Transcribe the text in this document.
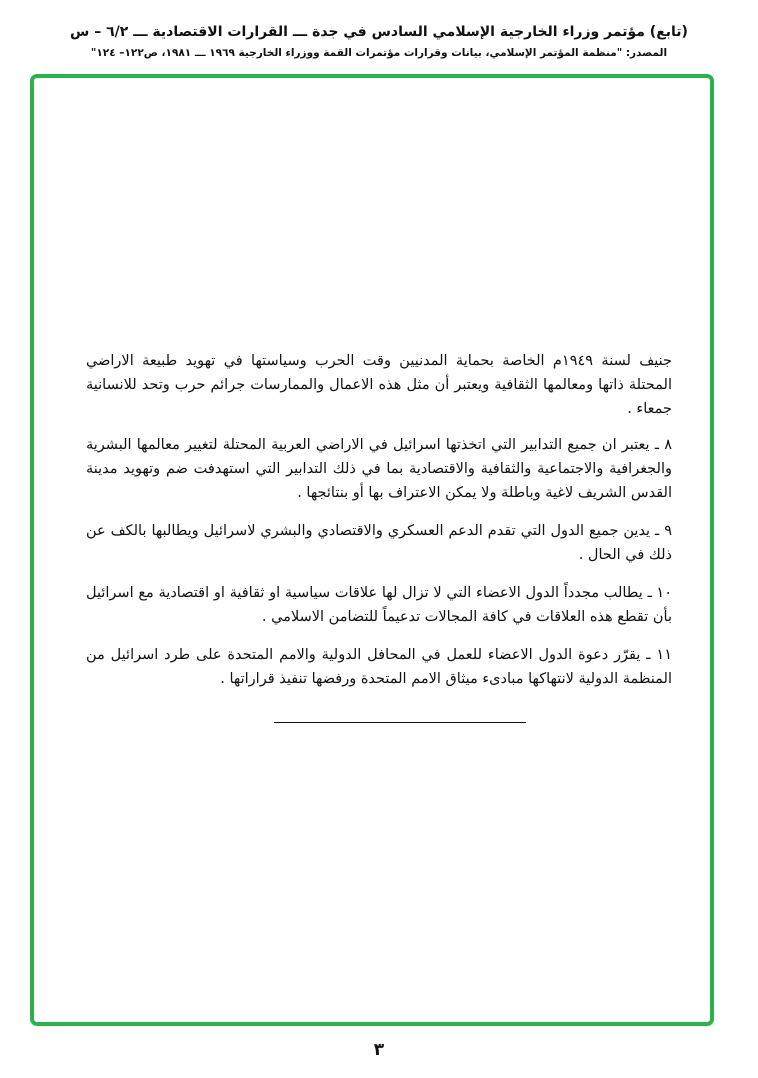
(تابع) مؤتمر وزراء الخارجية الإسلامي السادس في جدة ـــ القرارات الاقتصادية ـــ ٦/٢ – س
المصدر: "منظمة المؤتمر الإسلامي، بيانات وقرارات مؤتمرات القمة ووزراء الخارجية ١٩٦٩ ـــ ١٩٨١، ص١٢٢– ١٢٤"

جنيف لسنة ١٩٤٩م الخاصة بحماية المدنيين وقت الحرب وسياستها في تهويد طبيعة الاراضي المحتلة ذاتها ومعالمها الثقافية ويعتبر أن مثل هذه الاعمال والممارسات جرائم حرب وتحد للانسانية جمعاء .

٨ ـ يعتبر ان جميع التدابير التي اتخذتها اسرائيل في الاراضي العربية المحتلة لتغيير معالمها البشرية والجغرافية والاجتماعية والثقافية والاقتصادية بما في ذلك التدابير التي استهدفت ضم وتهويد مدينة القدس الشريف لاغية وباطلة ولا يمكن الاعتراف بها أو بنتائجها .

٩ ـ يدين جميع الدول التي تقدم الدعم العسكري والاقتصادي والبشري لاسرائيل ويطالبها بالكف عن ذلك في الحال .

١٠ ـ يطالب مجدداً الدول الاعضاء التي لا تزال لها علاقات سياسية او ثقافية او اقتصادية مع اسرائيل بأن تقطع هذه العلاقات في كافة المجالات تدعيماً للتضامن الاسلامي .

١١ ـ يقرّر دعوة الدول الاعضاء للعمل في المحافل الدولية والامم المتحدة على طرد اسرائيل من المنظمة الدولية لانتهاكها مبادىء ميثاق الامم المتحدة ورفضها تنفيذ قراراتها .

٣
